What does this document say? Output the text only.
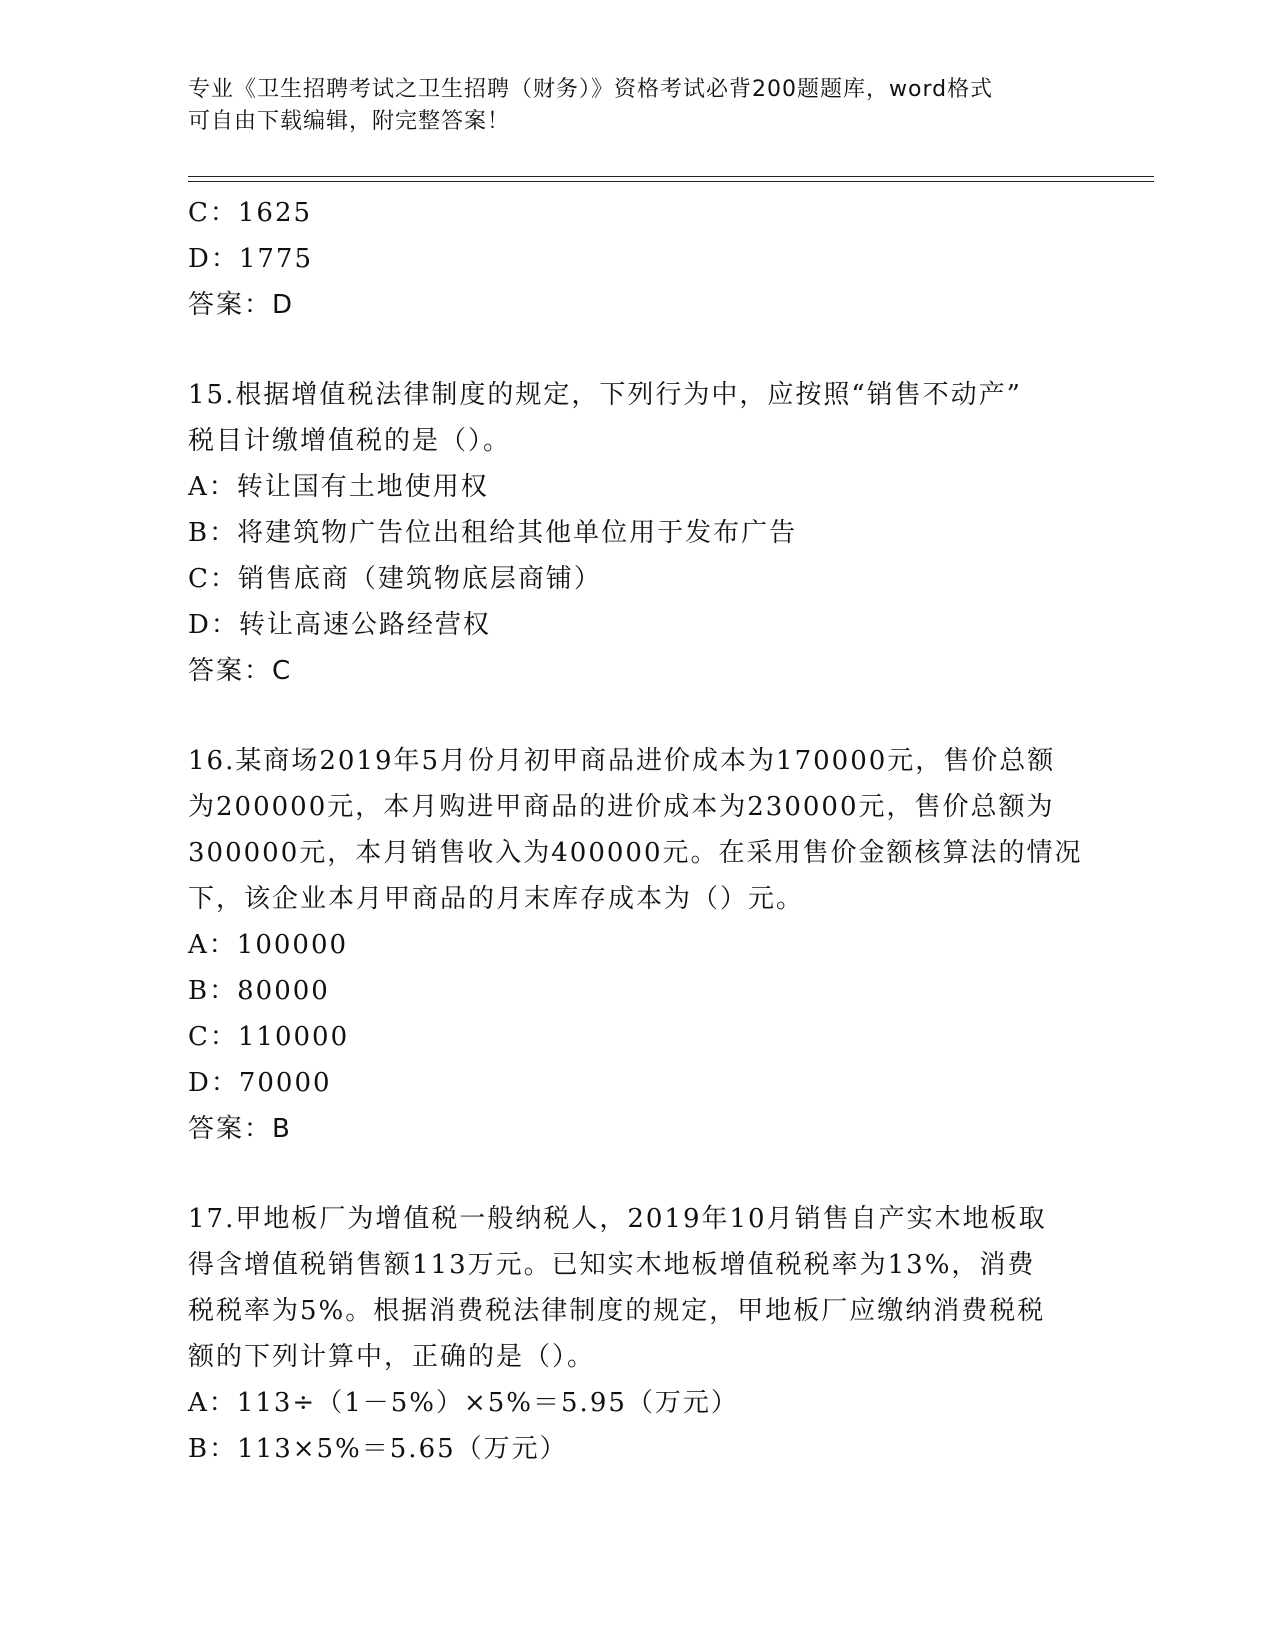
专业《卫生招聘考试之卫生招聘（财务）》资格考试必背200题题库，word格式
可自由下载编辑，附完整答案！
C：1625
D：1775
答案：D
15.根据增值税法律制度的规定，下列行为中，应按照“销售不动产”
税目计缴增值税的是（）。
A：转让国有土地使用权
B：将建筑物广告位出租给其他单位用于发布广告
C：销售底商（建筑物底层商铺）
D：转让高速公路经营权
答案：C
16.某商场2019年5月份月初甲商品进价成本为170000元，售价总额
为200000元，本月购进甲商品的进价成本为230000元，售价总额为
300000元，本月销售收入为400000元。在采用售价金额核算法的情况
下，该企业本月甲商品的月末库存成本为（）元。
A：100000
B：80000
C：110000
D：70000
答案：B
17.甲地板厂为增值税一般纳税人，2019年10月销售自产实木地板取
得含增值税销售额113万元。已知实木地板增值税税率为13%，消费
税税率为5%。根据消费税法律制度的规定，甲地板厂应缴纳消费税税
额的下列计算中，正确的是（）。
A：113÷（1－5%）×5%＝5.95（万元）
B：113×5%＝5.65（万元）
